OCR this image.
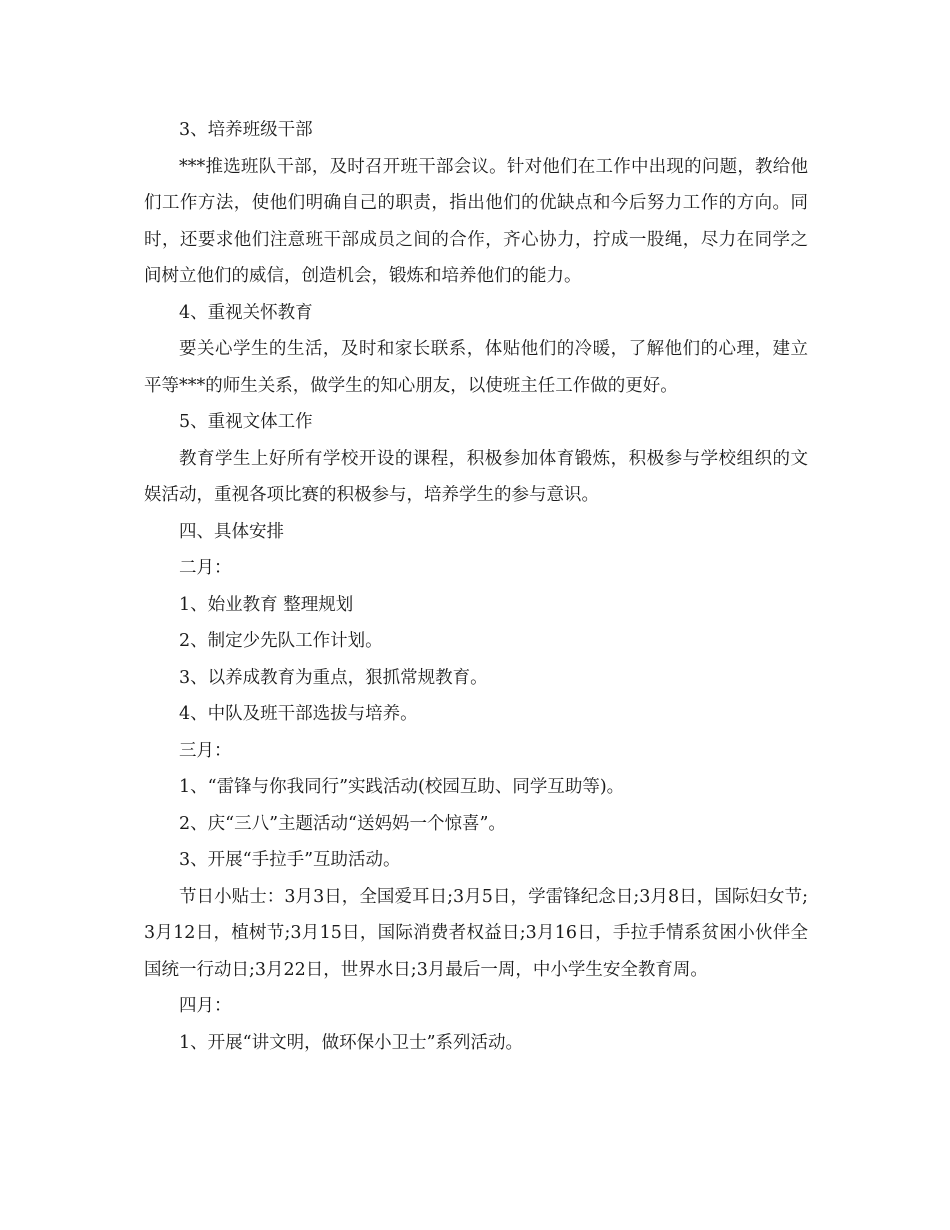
3、培养班级干部

***推选班队干部，及时召开班干部会议。针对他们在工作中出现的问题，教给他们工作方法，使他们明确自己的职责，指出他们的优缺点和今后努力工作的方向。同时，还要求他们注意班干部成员之间的合作，齐心协力，拧成一股绳，尽力在同学之间树立他们的威信，创造机会，锻炼和培养他们的能力。

4、重视关怀教育

要关心学生的生活，及时和家长联系，体贴他们的冷暖，了解他们的心理，建立平等***的师生关系，做学生的知心朋友，以使班主任工作做的更好。

5、重视文体工作

教育学生上好所有学校开设的课程，积极参加体育锻炼，积极参与学校组织的文娱活动，重视各项比赛的积极参与，培养学生的参与意识。

四、具体安排

二月：

1、始业教育 整理规划

2、制定少先队工作计划。

3、以养成教育为重点，狠抓常规教育。

4、中队及班干部选拔与培养。

三月：

1、“雷锋与你我同行”实践活动(校园互助、同学互助等)。

2、庆“三八”主题活动“送妈妈一个惊喜”。

3、开展“手拉手”互助活动。

节日小贴士：3月3日，全国爱耳日;3月5日，学雷锋纪念日;3月8日，国际妇女节;3月12日，植树节;3月15日，国际消费者权益日;3月16日，手拉手情系贫困小伙伴全国统一行动日;3月22日，世界水日;3月最后一周，中小学生安全教育周。

四月：

1、开展“讲文明，做环保小卫士”系列活动。
